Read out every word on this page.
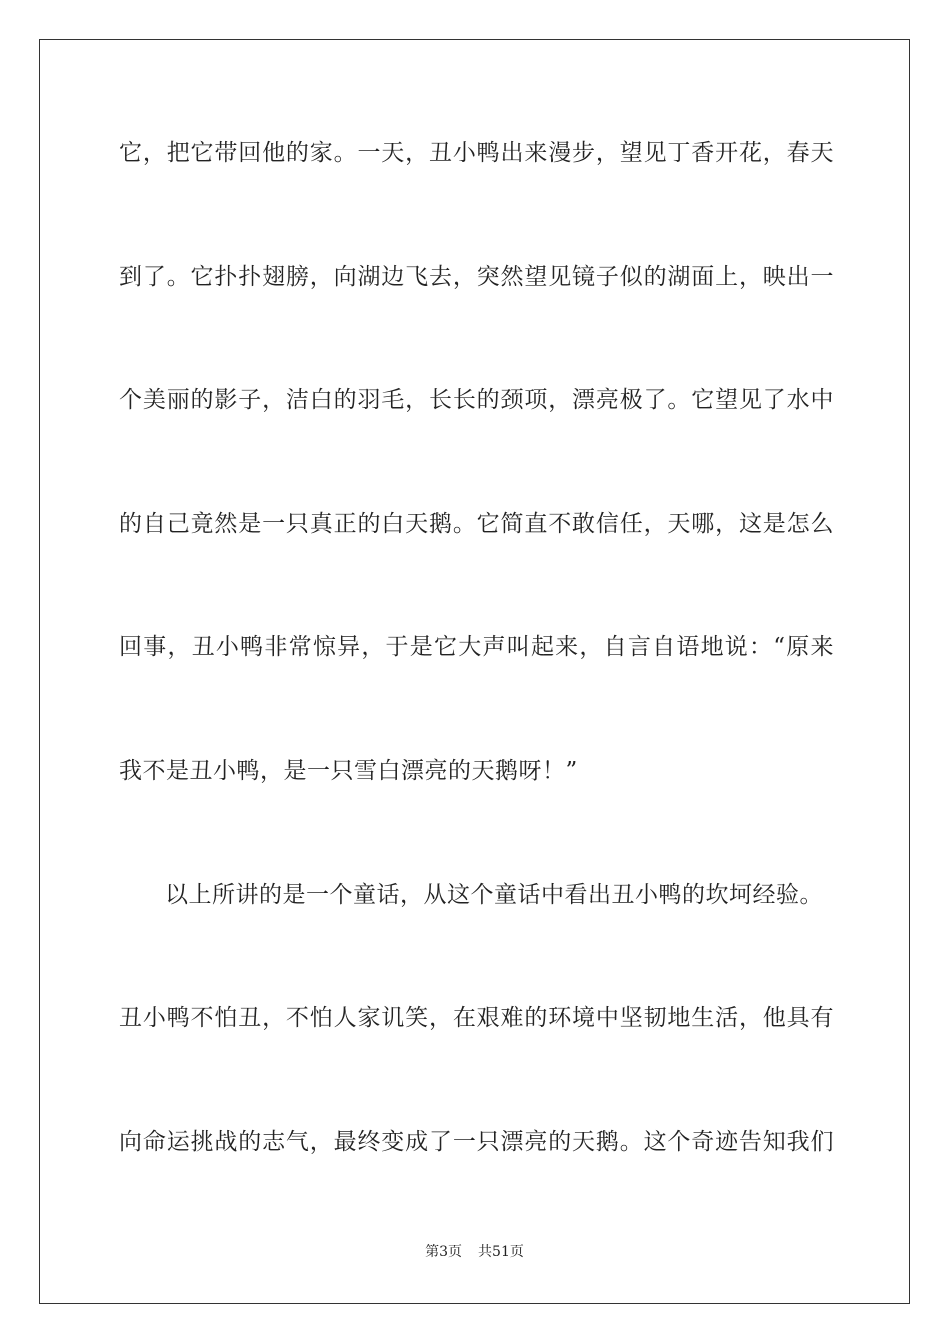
它，把它带回他的家。一天，丑小鸭出来漫步，望见丁香开花，春天
到了。它扑扑翅膀，向湖边飞去，突然望见镜子似的湖面上，映出一
个美丽的影子，洁白的羽毛，长长的颈项，漂亮极了。它望见了水中
的自己竟然是一只真正的白天鹅。它简直不敢信任，天哪，这是怎么
回事，丑小鸭非常惊异，于是它大声叫起来，自言自语地说：“原来
我不是丑小鸭，是一只雪白漂亮的天鹅呀！”
以上所讲的是一个童话，从这个童话中看出丑小鸭的坎坷经验。
丑小鸭不怕丑，不怕人家讥笑，在艰难的环境中坚韧地生活，他具有
向命运挑战的志气，最终变成了一只漂亮的天鹅。这个奇迹告知我们
第3页 共51页
